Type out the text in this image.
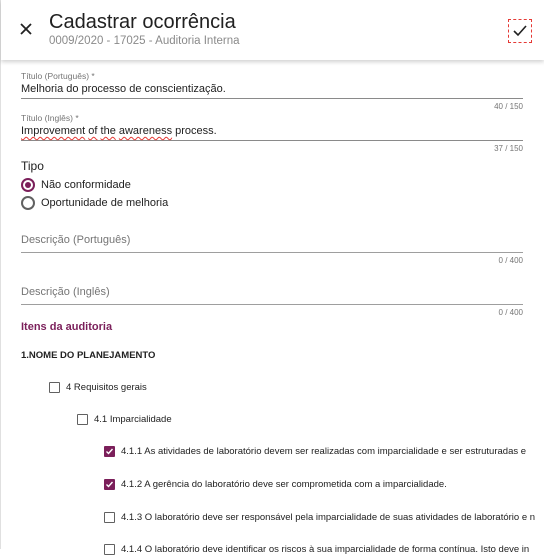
Cadastrar ocorrência
0009/2020 - 17025 - Auditoria Interna
Título (Português) *
Melhoria do processo de conscientização.
40 / 150
Título (Inglês) *
Improvement of the awareness process.
37 / 150
Tipo
Não conformidade
Oportunidade de melhoria
Descrição (Português)
0 / 400
Descrição (Inglês)
0 / 400
Itens da auditoria
1.NOME DO PLANEJAMENTO
4 Requisitos gerais
4.1 Imparcialidade
4.1.1 As atividades de laboratório devem ser realizadas com imparcialidade e ser estruturadas e
4.1.2 A gerência do laboratório deve ser comprometida com a imparcialidade.
4.1.3 O laboratório deve ser responsável pela imparcialidade de suas atividades de laboratório e n
4.1.4 O laboratório deve identificar os riscos à sua imparcialidade de forma contínua. Isto deve in
